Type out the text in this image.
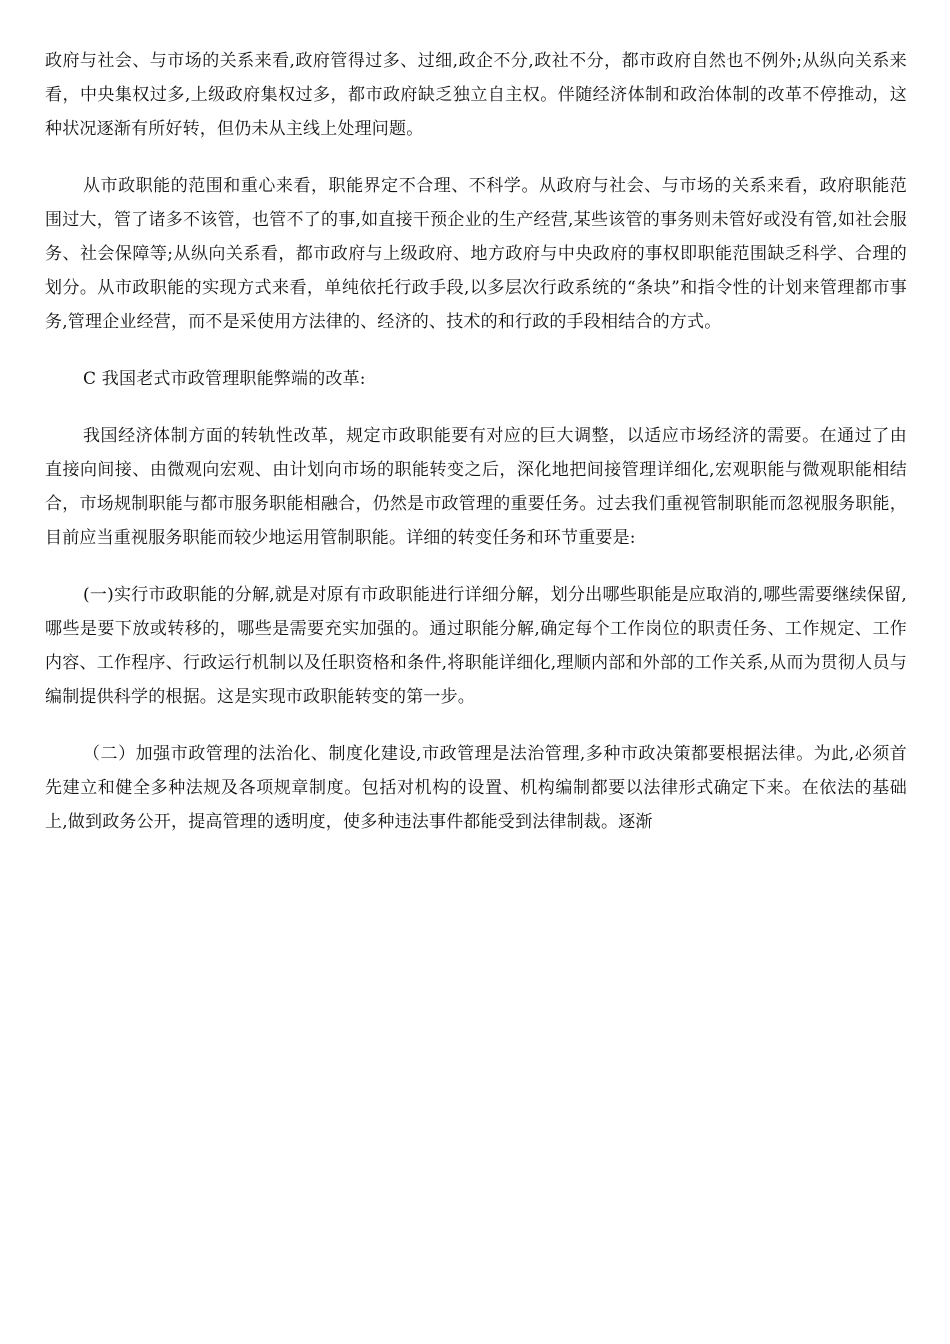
政府与社会、与市场的关系来看,政府管得过多、过细,政企不分,政社不分，都市政府自然也不例外;从纵向关系来看，中央集权过多,上级政府集权过多，都市政府缺乏独立自主权。伴随经济体制和政治体制的改革不停推动，这种状况逐渐有所好转，但仍未从主线上处理问题。

从市政职能的范围和重心来看，职能界定不合理、不科学。从政府与社会、与市场的关系来看，政府职能范围过大，管了诸多不该管，也管不了的事,如直接干预企业的生产经营,某些该管的事务则未管好或没有管,如社会服务、社会保障等;从纵向关系看，都市政府与上级政府、地方政府与中央政府的事权即职能范围缺乏科学、合理的划分。从市政职能的实现方式来看，单纯依托行政手段,以多层次行政系统的“条块”和指令性的计划来管理都市事务,管理企业经营，而不是采使用方法律的、经济的、技术的和行政的手段相结合的方式。

C 我国老式市政管理职能弊端的改革:

我国经济体制方面的转轨性改革，规定市政职能要有对应的巨大调整，以适应市场经济的需要。在通过了由直接向间接、由微观向宏观、由计划向市场的职能转变之后，深化地把间接管理详细化,宏观职能与微观职能相结合，市场规制职能与都市服务职能相融合，仍然是市政管理的重要任务。过去我们重视管制职能而忽视服务职能，目前应当重视服务职能而较少地运用管制职能。详细的转变任务和环节重要是:

(一)实行市政职能的分解,就是对原有市政职能进行详细分解，划分出哪些职能是应取消的,哪些需要继续保留,哪些是要下放或转移的，哪些是需要充实加强的。通过职能分解,确定每个工作岗位的职责任务、工作规定、工作内容、工作程序、行政运行机制以及任职资格和条件,将职能详细化,理顺内部和外部的工作关系,从而为贯彻人员与编制提供科学的根据。这是实现市政职能转变的第一步。

（二）加强市政管理的法治化、制度化建设,市政管理是法治管理,多种市政决策都要根据法律。为此,必须首先建立和健全多种法规及各项规章制度。包括对机构的设置、机构编制都要以法律形式确定下来。在依法的基础上,做到政务公开，提高管理的透明度，使多种违法事件都能受到法律制裁。逐渐
